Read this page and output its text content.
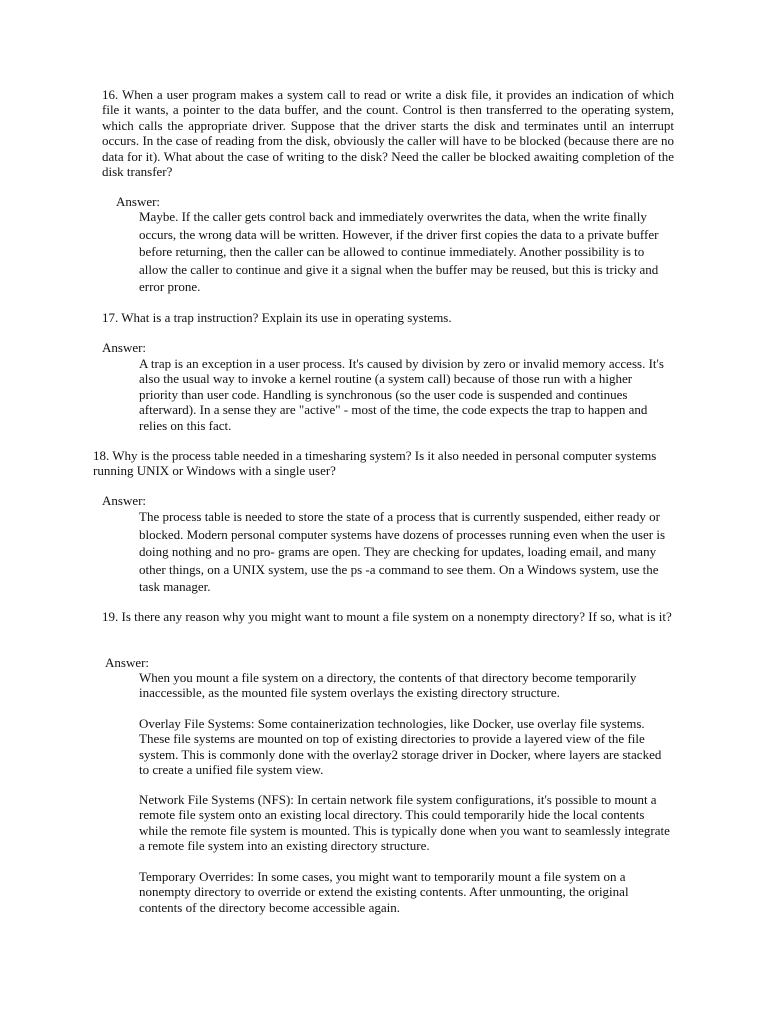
16. When a user program makes a system call to read or write a disk file, it provides an indication of which file it wants, a pointer to the data buffer, and the count. Control is then transferred to the operating system, which calls the appropriate driver. Suppose that the driver starts the disk and terminates until an interrupt occurs. In the case of reading from the disk, obviously the caller will have to be blocked (because there are no data for it). What about the case of writing to the disk? Need the caller be blocked awaiting completion of the disk transfer?

Answer:

Maybe. If the caller gets control back and immediately overwrites the data, when the write finally occurs, the wrong data will be written. However, if the driver first copies the data to a private buffer before returning, then the caller can be allowed to continue immediately. Another possibility is to allow the caller to continue and give it a signal when the buffer may be reused, but this is tricky and error prone.

17. What is a trap instruction? Explain its use in operating systems.

Answer:

A trap is an exception in a user process. It's caused by division by zero or invalid memory access. It's also the usual way to invoke a kernel routine (a system call) because of those run with a higher priority than user code. Handling is synchronous (so the user code is suspended and continues afterward). In a sense they are "active" - most of the time, the code expects the trap to happen and relies on this fact.

18. Why is the process table needed in a timesharing system? Is it also needed in personal computer systems running UNIX or Windows with a single user?

Answer:

The process table is needed to store the state of a process that is currently suspended, either ready or blocked. Modern personal computer systems have dozens of processes running even when the user is doing nothing and no pro- grams are open. They are checking for updates, loading email, and many other things, on a UNIX system, use the ps -a command to see them. On a Windows system, use the task manager.

19. Is there any reason why you might want to mount a file system on a nonempty directory? If so, what is it?

Answer:

When you mount a file system on a directory, the contents of that directory become temporarily inaccessible, as the mounted file system overlays the existing directory structure.

Overlay File Systems: Some containerization technologies, like Docker, use overlay file systems. These file systems are mounted on top of existing directories to provide a layered view of the file system. This is commonly done with the overlay2 storage driver in Docker, where layers are stacked to create a unified file system view.

Network File Systems (NFS): In certain network file system configurations, it's possible to mount a remote file system onto an existing local directory. This could temporarily hide the local contents while the remote file system is mounted. This is typically done when you want to seamlessly integrate a remote file system into an existing directory structure.

Temporary Overrides: In some cases, you might want to temporarily mount a file system on a nonempty directory to override or extend the existing contents. After unmounting, the original contents of the directory become accessible again.
